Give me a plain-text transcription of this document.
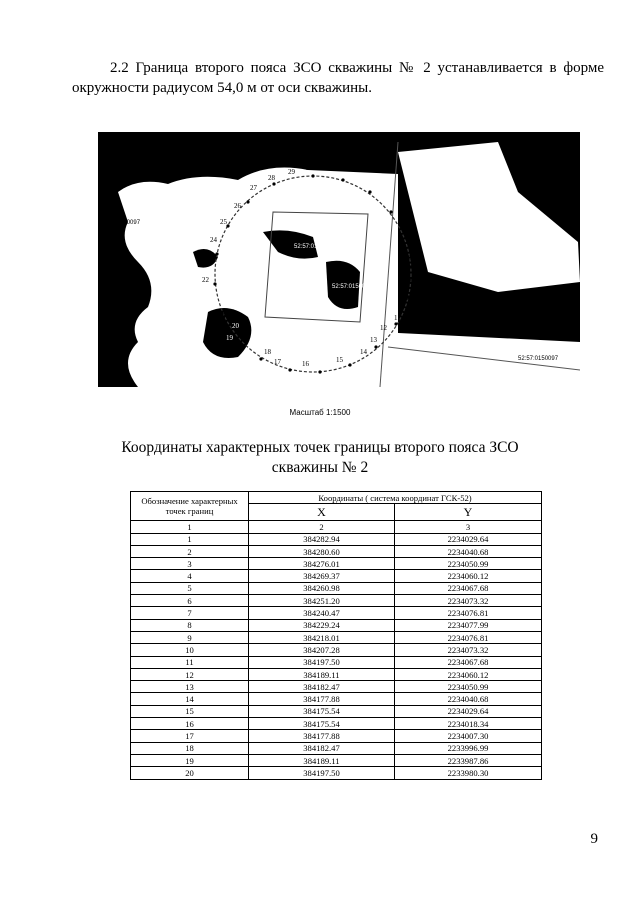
2.2 Граница второго пояса ЗСО скважины № 2 устанавливается в форме
окружности радиусом 54,0 м от оси скважины.
30
29
28
27
26
25
24
23
22
21
20
19
18
17	16	15
14
13
12
11
10
9
8
52:57:0150097
52:57:0150097
52:57:0150097:51
52:57:0150097:51
Масштаб 1:1500
Координаты характерных точек границы второго пояса ЗСО
скважины № 2
Обозначение характерных точек границ	Координаты ( система координат ГСК-52)	
	X	Y
1	2	3
1	384282.94	2234029.64
2	384280.60	2234040.68
3	384276.01	2234050.99
4	384269.37	2234060.12
5	384260.98	2234067.68
6	384251.20	2234073.32
7	384240.47	2234076.81
8	384229.24	2234077.99
9	384218.01	2234076.81
10	384207.28	2234073.32
11	384197.50	2234067.68
12	384189.11	2234060.12
13	384182.47	2234050.99
14	384177.88	2234040.68
15	384175.54	2234029.64
16	384175.54	2234018.34
17	384177.88	2234007.30
18	384182.47	2233996.99
19	384189.11	2233987.86
20	384197.50	2233980.30
9
